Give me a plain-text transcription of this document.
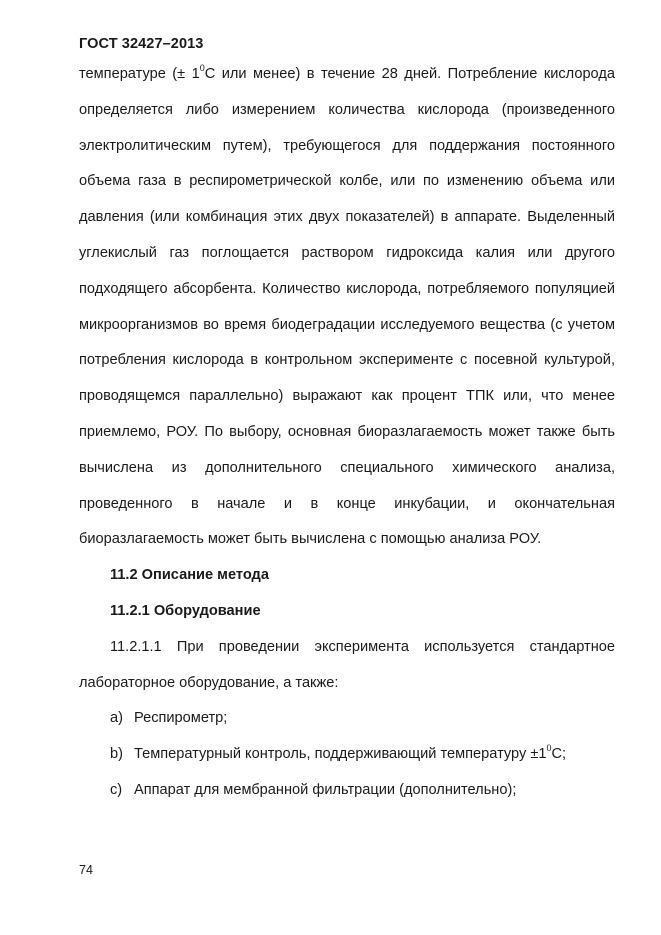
ГОСТ 32427–2013

температуре (± $1^0С$ или менее) в течение 28 дней. Потребление кислорода определяется либо измерением количества кислорода (произведенного электролитическим путем), требующегося для поддержания постоянного объема газа в респирометрической колбе, или по изменению объема или давления (или комбинация этих двух показателей) в аппарате. Выделенный углекислый газ поглощается раствором гидроксида калия или другого подходящего абсорбента. Количество кислорода, потребляемого популяцией микроорганизмов во время биодеградации исследуемого вещества (с учетом потребления кислорода в контрольном эксперименте с посевной культурой, проводящемся параллельно) выражают как процент ТПК или, что менее приемлемо, РОУ. По выбору, основная биоразлагаемость может также быть вычислена из дополнительного специального химического анализа, проведенного в начале и в конце инкубации, и окончательная биоразлагаемость может быть вычислена с помощью анализа РОУ.

11.2 Описание метода

11.2.1 Оборудование

11.2.1.1 При проведении эксперимента используется стандартное лабораторное оборудование, а также:

a) Респирометр;

b) Температурный контроль, поддерживающий температуру $\pm 1^0С$;

c) Аппарат для мембранной фильтрации (дополнительно);

74
